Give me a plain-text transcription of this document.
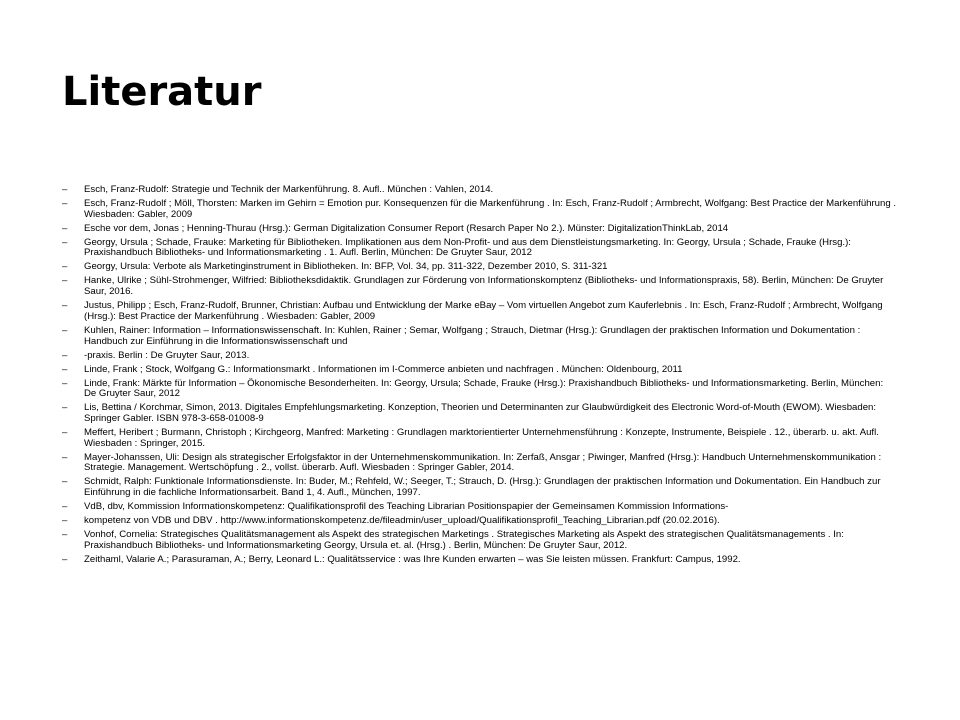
Literatur
–	Esch, Franz-Rudolf: Strategie und Technik der Markenführung. 8. Aufl.. München : Vahlen, 2014.
–	Esch, Franz-Rudolf ; Möll, Thorsten: Marken im Gehirn = Emotion pur. Konsequenzen für die Markenführung . In: Esch, Franz-Rudolf ; Armbrecht, Wolfgang: Best Practice der Markenführung . Wiesbaden: Gabler, 2009
–	Esche vor dem, Jonas ; Henning-Thurau (Hrsg.): German Digitalization Consumer Report (Resarch Paper No 2.). Münster: DigitalizationThinkLab, 2014
–	Georgy, Ursula ; Schade, Frauke: Marketing für Bibliotheken. Implikationen aus dem Non-Profit- und aus dem Dienstleistungsmarketing. In: Georgy, Ursula ; Schade, Frauke (Hrsg.): Praxishandbuch Bibliotheks- und Informationsmarketing . 1. Aufl. Berlin, München: De Gruyter Saur, 2012
–	Georgy, Ursula: Verbote als Marketinginstrument in Bibliotheken. In: BFP, Vol. 34, pp. 311-322, Dezember 2010, S. 311-321
–	Hanke, Ulrike ; Sühl-Strohmenger, Wilfried: Bibliotheksdidaktik. Grundlagen zur Förderung von Informationskomptenz (Bibliotheks- und Informationspraxis, 58). Berlin, München: De Gruyter Saur, 2016.
–	Justus, Philipp ; Esch, Franz-Rudolf, Brunner, Christian: Aufbau und Entwicklung der Marke eBay – Vom virtuellen Angebot zum Kauferlebnis . In: Esch, Franz-Rudolf ; Armbrecht, Wolfgang (Hrsg.): Best Practice der Markenführung . Wiesbaden: Gabler, 2009
–	Kuhlen, Rainer: Information – Informationswissenschaft. In: Kuhlen, Rainer ; Semar, Wolfgang ; Strauch, Dietmar (Hrsg.): Grundlagen der praktischen Information und Dokumentation : Handbuch zur Einführung in die Informationswissenschaft und
–	-praxis. Berlin : De Gruyter Saur, 2013.
–	Linde, Frank ; Stock, Wolfgang G.: Informationsmarkt . Informationen im I-Commerce anbieten und nachfragen . München: Oldenbourg, 2011
–	Linde, Frank: Märkte für Information – Ökonomische Besonderheiten. In: Georgy, Ursula; Schade, Frauke (Hrsg.): Praxishandbuch Bibliotheks- und Informationsmarketing. Berlin, München: De Gruyter Saur, 2012
–	Lis, Bettina / Korchmar, Simon, 2013. Digitales Empfehlungsmarketing. Konzeption, Theorien und Determinanten zur Glaubwürdigkeit des Electronic Word-of-Mouth (EWOM). Wiesbaden: Springer Gabler. ISBN 978-3-658-01008-9
–	Meffert, Heribert ; Burmann, Christoph ; Kirchgeorg, Manfred: Marketing : Grundlagen marktorientierter Unternehmensführung : Konzepte, Instrumente, Beispiele . 12., überarb. u. akt. Aufl. Wiesbaden : Springer, 2015.
–	Mayer-Johanssen, Uli: Design als strategischer Erfolgsfaktor in der Unternehmenskommunikation. In: Zerfaß, Ansgar ; Piwinger, Manfred (Hrsg.): Handbuch Unternehmenskommunikation : Strategie. Management. Wertschöpfung . 2., vollst. überarb. Aufl. Wiesbaden : Springer Gabler, 2014.
–	Schmidt, Ralph: Funktionale Informationsdienste. In: Buder, M.; Rehfeld, W.; Seeger, T.; Strauch, D. (Hrsg.): Grundlagen der praktischen Information und Dokumentation. Ein Handbuch zur Einführung in die fachliche Informationsarbeit. Band 1, 4. Aufl., München, 1997.
–	VdB, dbv, Kommission Informationskompetenz: Qualifikationsprofil des Teaching Librarian Positionspapier der Gemeinsamen Kommission Informations-
–	kompetenz von VDB und DBV . http://www.informationskompetenz.de/fileadmin/user_upload/Qualifikationsprofil_Teaching_Librarian.pdf (20.02.2016).
–	Vonhof, Cornelia: Strategisches Qualitätsmanagement als Aspekt des strategischen Marketings . Strategisches Marketing als Aspekt des strategischen Qualitätsmanagements . In: Praxishandbuch Bibliotheks- und Informationsmarketing Georgy, Ursula et. al. (Hrsg.) . Berlin, München: De Gruyter Saur, 2012.
–	Zeithaml, Valarie A.; Parasuraman, A.; Berry, Leonard L.: Qualitätsservice : was Ihre Kunden erwarten – was Sie leisten müssen. Frankfurt: Campus, 1992.
